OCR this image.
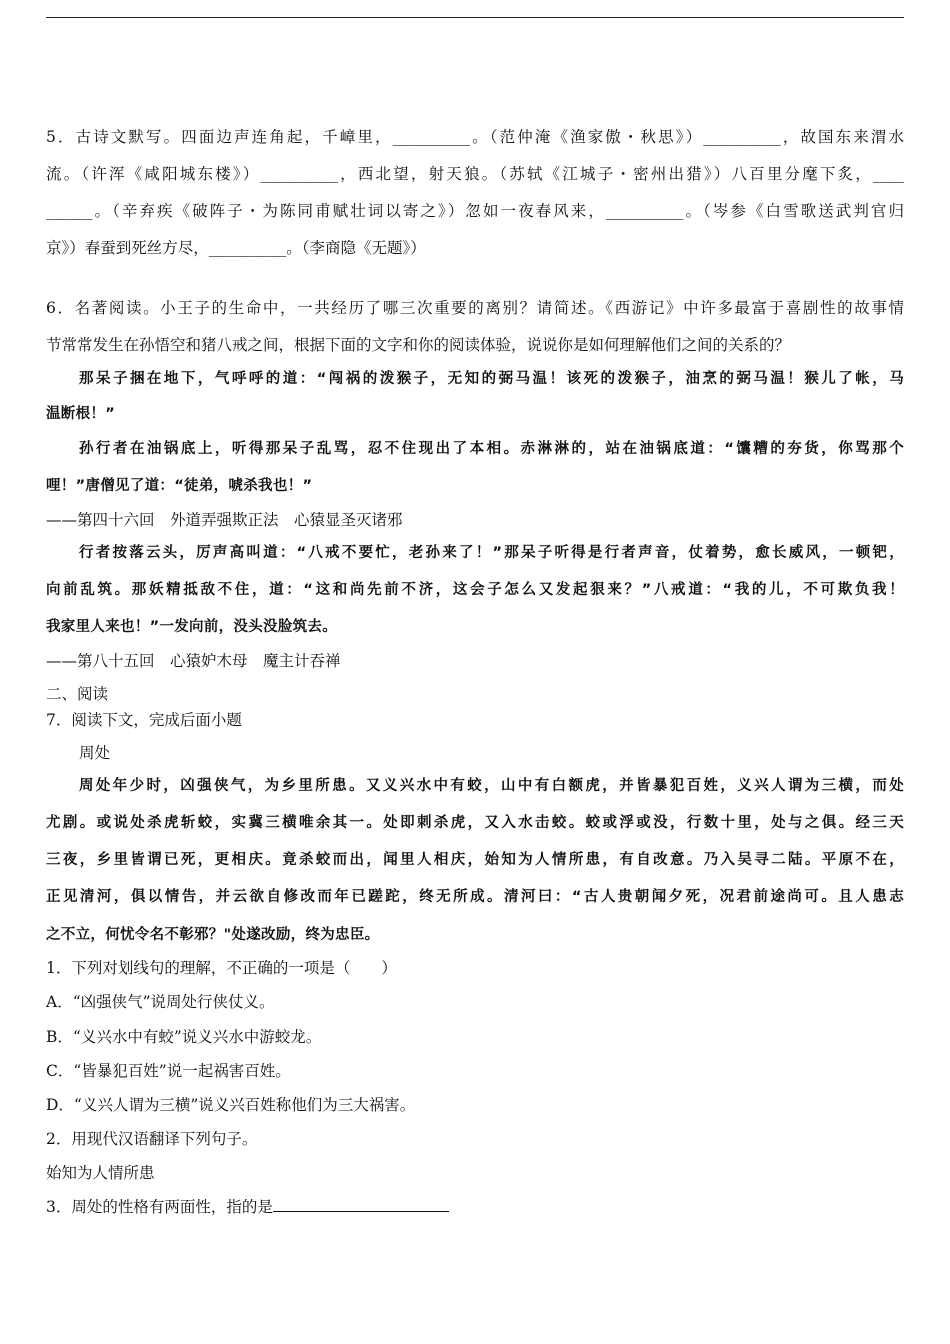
5．古诗文默写。四面边声连角起，千嶂里，__________。（范仲淹《渔家傲・秋思》）__________，故国东来渭水
流。（许浑《咸阳城东楼》）__________，西北望，射天狼。（苏轼《江城子・密州出猎》）八百里分麾下炙，____
______。（辛弃疾《破阵子・为陈同甫赋壮词以寄之》）忽如一夜春风来，__________。（岑参《白雪歌送武判官归
京》）春蚕到死丝方尽，__________。（李商隐《无题》）
6．名著阅读。小王子的生命中，一共经历了哪三次重要的离别？请简述。《西游记》中许多最富于喜剧性的故事情
节常常发生在孙悟空和猪八戒之间，根据下面的文字和你的阅读体验，说说你是如何理解他们之间的关系的？
那呆子捆在地下，气呼呼的道：“闯祸的泼猴子，无知的弼马温！该死的泼猴子，油烹的弼马温！猴儿了帐，马
温断根！”
孙行者在油锅底上，听得那呆子乱骂，忍不住现出了本相。赤淋淋的，站在油锅底道：“馕糟的夯货，你骂那个
哩！”唐僧见了道：“徒弟，唬杀我也！”
——第四十六回　外道弄强欺正法　心猿显圣灭诸邪
行者按落云头，厉声高叫道：“八戒不要忙，老孙来了！”那呆子听得是行者声音，仗着势，愈长威风，一顿钯，
向前乱筑。那妖精抵敌不住，道：“这和尚先前不济，这会子怎么又发起狠来？”八戒道：“我的儿，不可欺负我！
我家里人来也！”一发向前，没头没脸筑去。
——第八十五回　心猿妒木母　魔主计吞禅
二、阅读
7．阅读下文，完成后面小题
周处
周处年少时，凶强侠气，为乡里所患。又义兴水中有蛟，山中有白额虎，并皆暴犯百姓，义兴人谓为三横，而处
尤剧。或说处杀虎斩蛟，实冀三横唯余其一。处即刺杀虎，又入水击蛟。蛟或浮或没，行数十里，处与之俱。经三天
三夜，乡里皆谓已死，更相庆。竟杀蛟而出，闻里人相庆，始知为人情所患，有自改意。乃入吴寻二陆。平原不在，
正见清河，俱以情告，并云欲自修改而年已蹉跎，终无所成。清河曰：“古人贵朝闻夕死，况君前途尚可。且人患志
之不立，何忧令名不彰邪？"处遂改励，终为忠臣。
1．下列对划线句的理解，不正确的一项是（　　）
A．“凶强侠气”说周处行侠仗义。
B．“义兴水中有蛟”说义兴水中游蛟龙。
C．“皆暴犯百姓”说一起祸害百姓。
D．“义兴人谓为三横”说义兴百姓称他们为三大祸害。
2．用现代汉语翻译下列句子。
始知为人情所患
3．周处的性格有两面性，指的是
